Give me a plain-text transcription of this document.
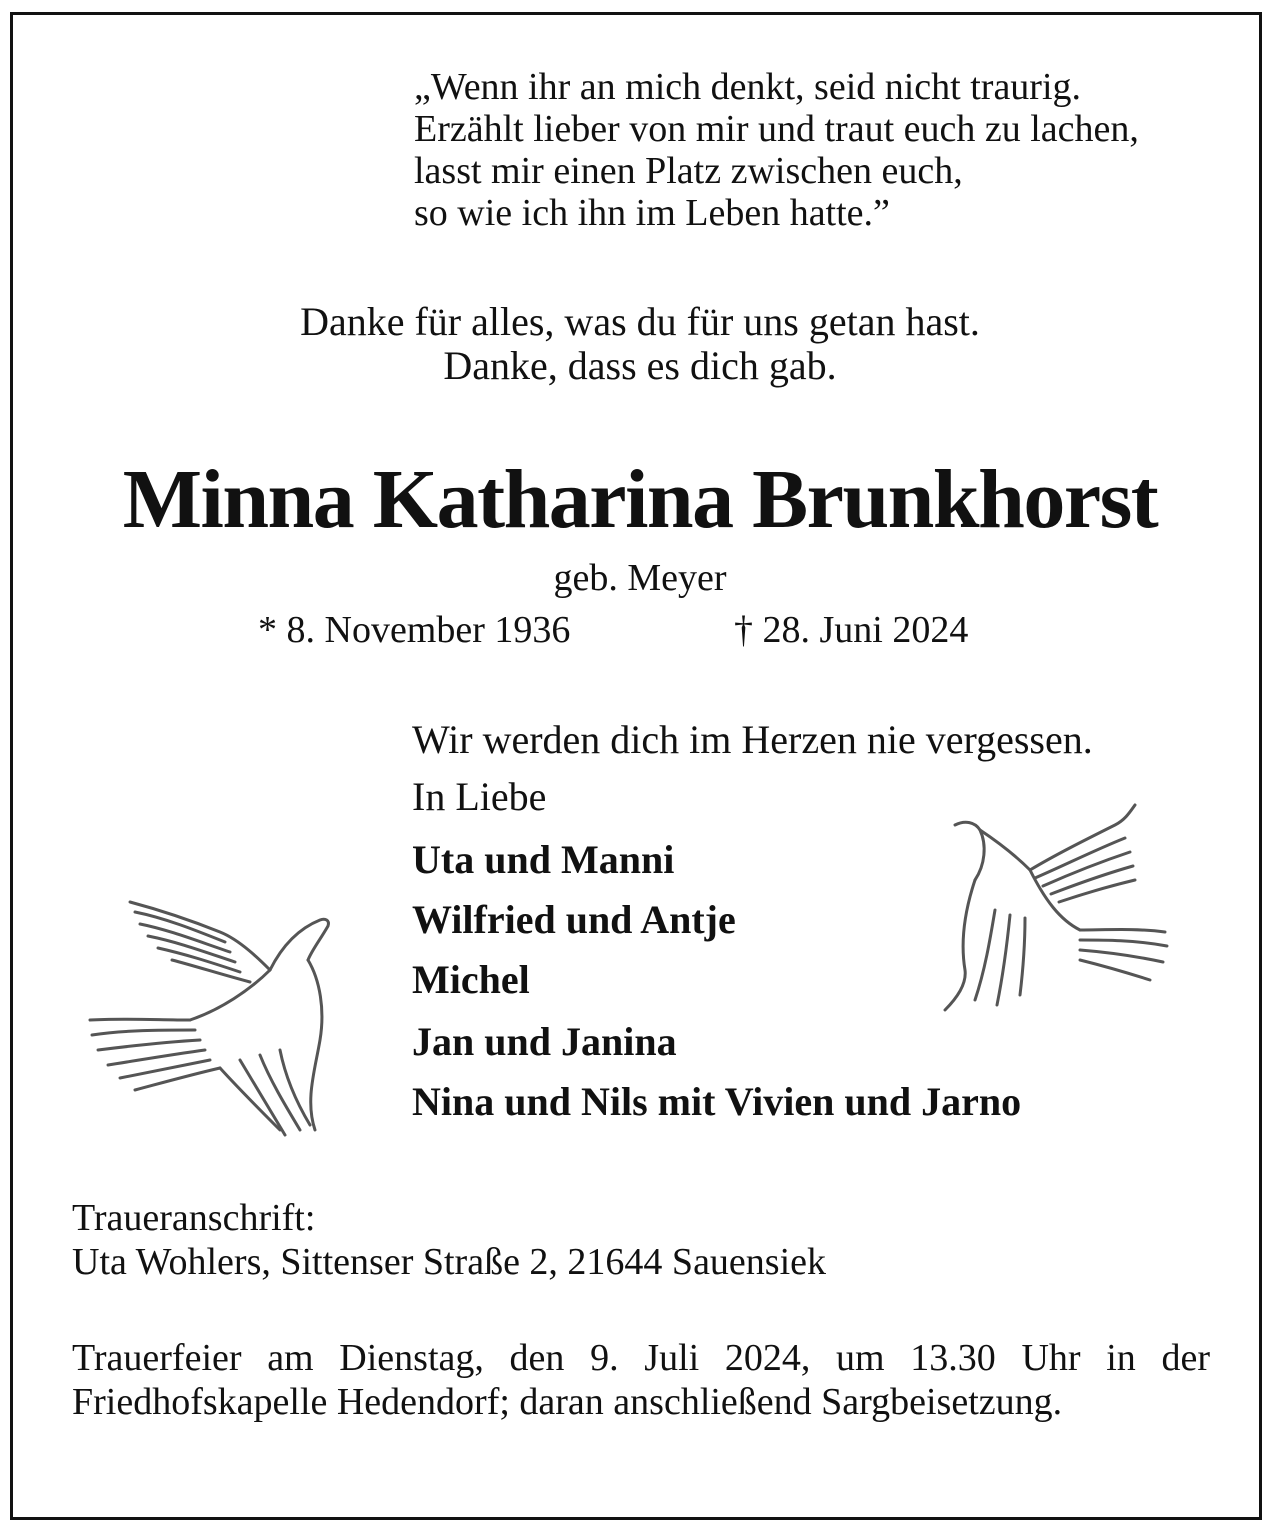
„Wenn ihr an mich denkt, seid nicht traurig.
Erzählt lieber von mir und traut euch zu lachen,
lasst mir einen Platz zwischen euch,
so wie ich ihn im Leben hatte.”
Danke für alles, was du für uns getan hast.
Danke, dass es dich gab.
Minna Katharina Brunkhorst
geb. Meyer
* 8. November 1936	† 28. Juni 2024
Wir werden dich im Herzen nie vergessen.
In Liebe
Uta und Manni
Wilfried und Antje
Michel
Jan und Janina
Nina und Nils mit Vivien und Jarno
Traueranschrift:
Uta Wohlers, Sittenser Straße 2, 21644 Sauensiek
Trauerfeier am Dienstag, den 9. Juli 2024, um 13.30 Uhr in der Friedhofskapelle Hedendorf; daran anschließend Sargbeisetzung.
